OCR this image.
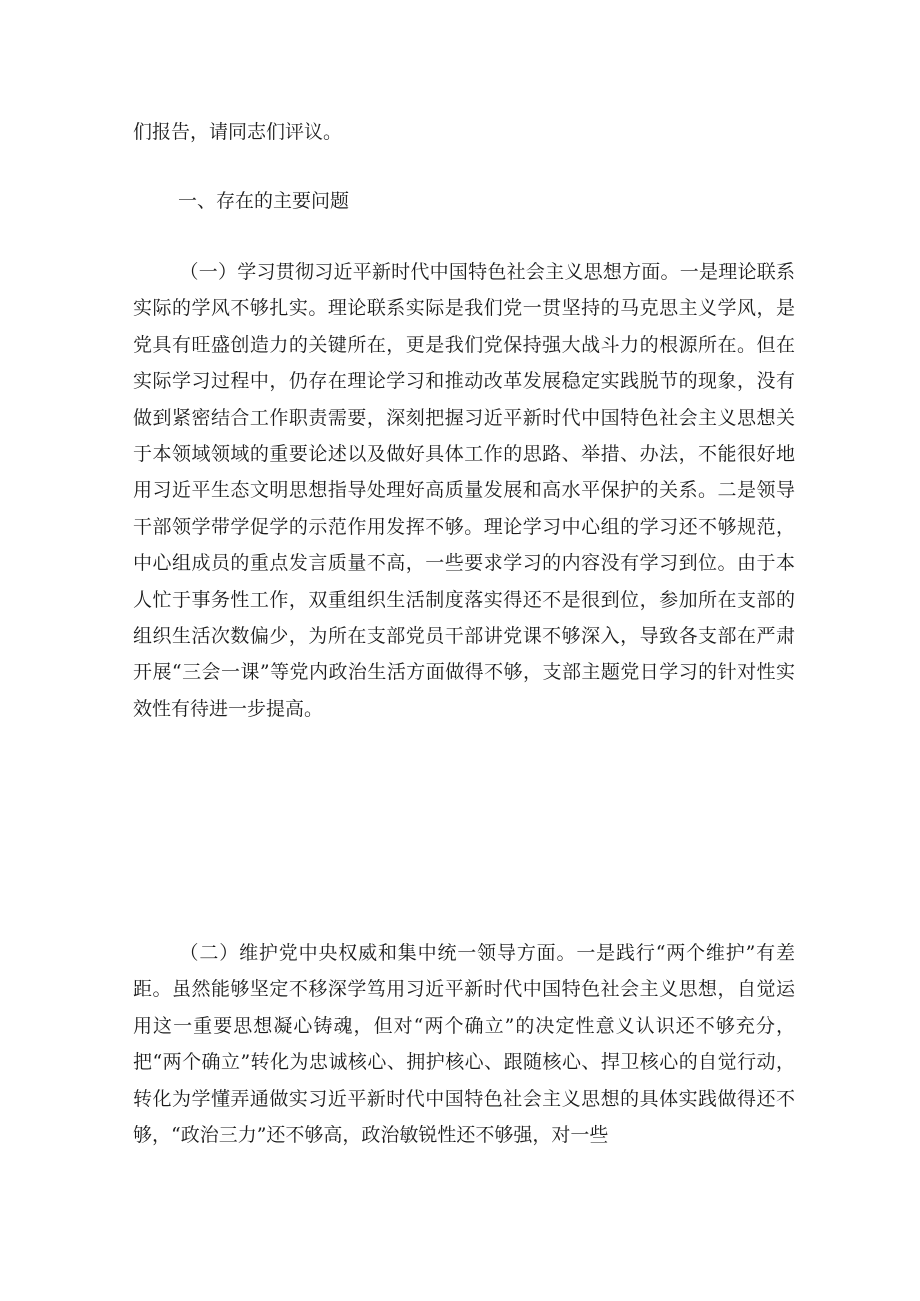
们报告，请同志们评议。

一、存在的主要问题

（一）学习贯彻习近平新时代中国特色社会主义思想方面。一是理论联系实际的学风不够扎实。理论联系实际是我们党一贯坚持的马克思主义学风，是党具有旺盛创造力的关键所在，更是我们党保持强大战斗力的根源所在。但在实际学习过程中，仍存在理论学习和推动改革发展稳定实践脱节的现象，没有做到紧密结合工作职责需要，深刻把握习近平新时代中国特色社会主义思想关于本领域领域的重要论述以及做好具体工作的思路、举措、办法，不能很好地用习近平生态文明思想指导处理好高质量发展和高水平保护的关系。二是领导干部领学带学促学的示范作用发挥不够。理论学习中心组的学习还不够规范，中心组成员的重点发言质量不高，一些要求学习的内容没有学习到位。由于本人忙于事务性工作，双重组织生活制度落实得还不是很到位，参加所在支部的组织生活次数偏少，为所在支部党员干部讲党课不够深入，导致各支部在严肃开展“三会一课”等党内政治生活方面做得不够，支部主题党日学习的针对性实效性有待进一步提高。

（二）维护党中央权威和集中统一领导方面。一是践行“两个维护”有差距。虽然能够坚定不移深学笃用习近平新时代中国特色社会主义思想，自觉运用这一重要思想凝心铸魂，但对“两个确立”的决定性意义认识还不够充分，把“两个确立”转化为忠诚核心、拥护核心、跟随核心、捍卫核心的自觉行动，转化为学懂弄通做实习近平新时代中国特色社会主义思想的具体实践做得还不够，“政治三力”还不够高，政治敏锐性还不够强，对一些
